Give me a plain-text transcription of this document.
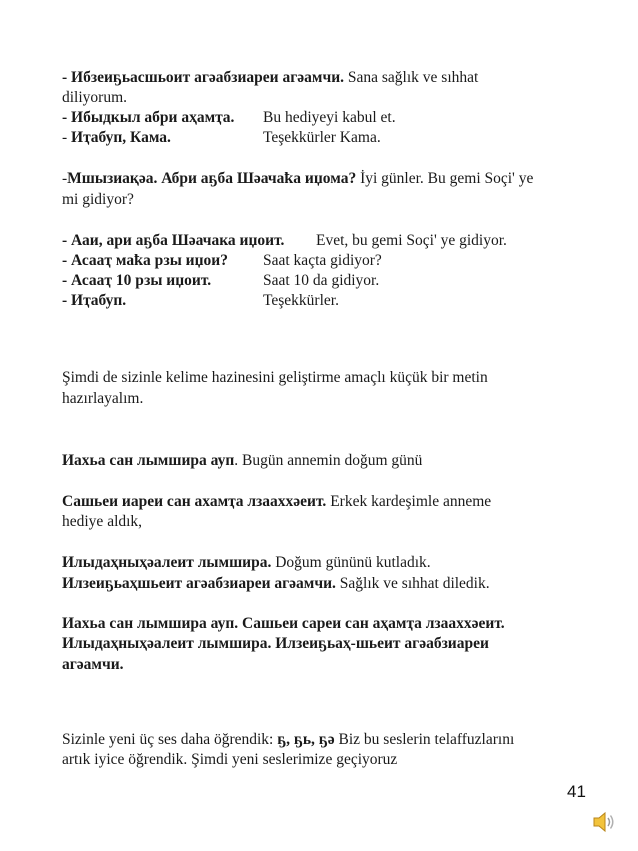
- Ибзеиҕьасшьоит агәабзиареи агәамчи. Sana sağlık ve sıhhat
diliyorum.
- Ибыдкыл абри аҳамҭа. Bu hediyeyi kabul et.
- Иҭабуп, Кама.	Teşekkürler Kama.
-Мшызиақәа. Абри аҕба Шәачаҟа иџома? İyi günler. Bu gemi Soçi' ye
mi gidiyor?
- Ааи, ари аҕба Шәачака иџоит. Evet, bu gemi Soçi' ye gidiyor.
- Асааҭ маҟа рзы иџои? Saat kaçta gidiyor?
- Асааҭ 10 рзы иџоит.	Saat 10 da gidiyor.
- Иҭабуп.	Teşekkürler.
Şimdi de sizinle kelime hazinesini geliştirme amaçlı küçük bir metin
hazırlayalım.
Иахьа сан лымшира ауп. Bugün annemin doğum günü
Сашьеи иареи сан ахамҭа лзааххәеит. Erkek kardeşimle anneme
hediye aldık,
Илыдаҳныҳәалеит лымшира. Doğum gününü kutladık.
Илзеиҕьаҳшьеит агәабзиареи агәамчи. Sağlık ve sıhhat diledik.
Иахьа сан лымшира ауп. Сашьеи сареи сан аҳамҭа лзааххәеит.
Илыдаҳныҳәалеит лымшира. Илзеиҕьаҳ-шьеит агәабзиареи
агәамчи.
Sizinle yeni üç ses daha öğrendik: ҕ, ҕь, ҕә Biz bu seslerin telaffuzlarını
artık iyice öğrendik. Şimdi yeni seslerimize geçiyoruz
41
